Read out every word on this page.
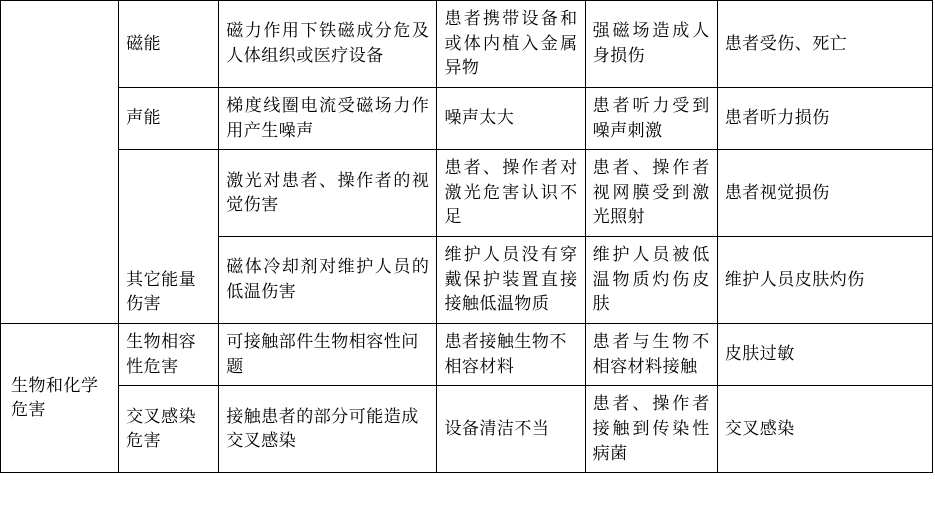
	磁能	磁力作用下铁磁成分危及人体组织或医疗设备	患者携带设备和或体内植入金属异物	强磁场造成人身损伤	患者受伤、死亡
	声能	梯度线圈电流受磁场力作用产生噪声	噪声太大	患者听力受到噪声刺激	患者听力损伤
	其它能量伤害	激光对患者、操作者的视觉伤害	患者、操作者对激光危害认识不足	患者、操作者视网膜受到激光照射	患者视觉损伤
		磁体冷却剂对维护人员的低温伤害	维护人员没有穿戴保护装置直接接触低温物质	维护人员被低温物质灼伤皮肤	维护人员皮肤灼伤
生物和化学危害	生物相容性危害	可接触部件生物相容性问题	患者接触生物不相容材料	患者与生物不相容材料接触	皮肤过敏
	交叉感染危害	接触患者的部分可能造成交叉感染	设备清洁不当	患者、操作者接触到传染性病菌	交叉感染
